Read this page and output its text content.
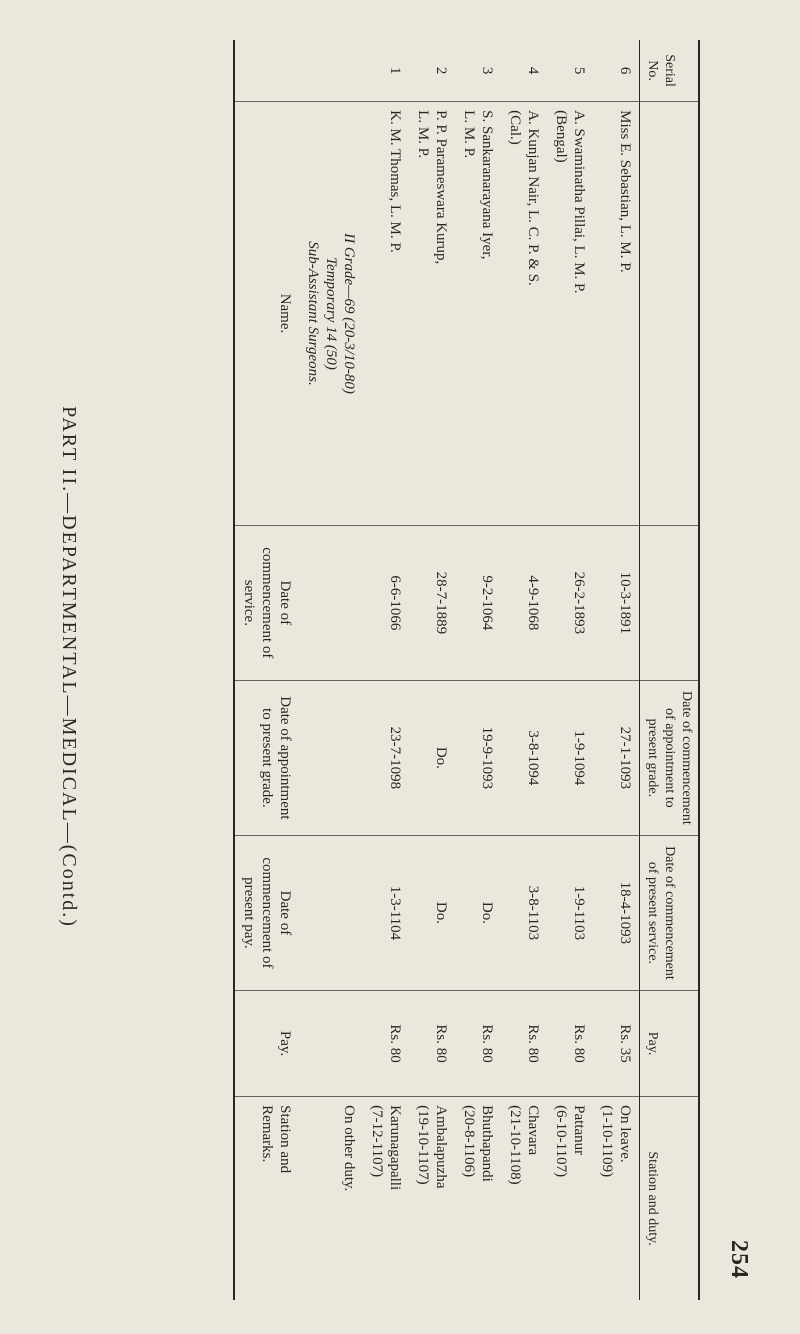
254
Serial No.			Date of commencement of appointment to present grade.	Date of commencement of present service.	Pay.	Station and duty.
6	Miss E. Sebastian, L. M. P.	10-3-1891	27-1-1093	18-4-1093	Rs. 35	On leave.
(1-10-1109)
5	A. Swaminatha Pillai, L. M. P.
(Bengal)	26-2-1893	1-9-1094	1-9-1103	Rs. 80	Pattanur
(6-10-1107)
4	A. Kunjan Nair, L. C. P. & S.
(Cal.)	4-9-1068	3-8-1094	3-8-1103	Rs. 80	Chavara
(21-10-1108)
3	S. Sankaranarayana Iyer,
L. M. P.	9-2-1064	19-9-1093	Do.	Rs. 80	Bhuthapandi
(20-8-1106)
2	P. P. Parameswara Kurup,
L. M. P.	28-7-1889	Do.	Do.	Rs. 80	Ambalapuzha
(19-10-1107)
1	K. M. Thomas, L. M. P.	6-6-1066	23-7-1098	1-3-1104	Rs. 80	Karunagapalli
(7-12-1107)
	II Grade—69 (20-3/10-80)
Temporary 14 (50)
Sub-Assistant Surgeons.					On other duty.
	Name.	Date of commencement of service.	Date of appointment to present grade.	Date of commencement of present pay.	Pay.	Station and
Remarks.
PART II.—DEPARTMENTAL—MEDICAL—(Contd.)
